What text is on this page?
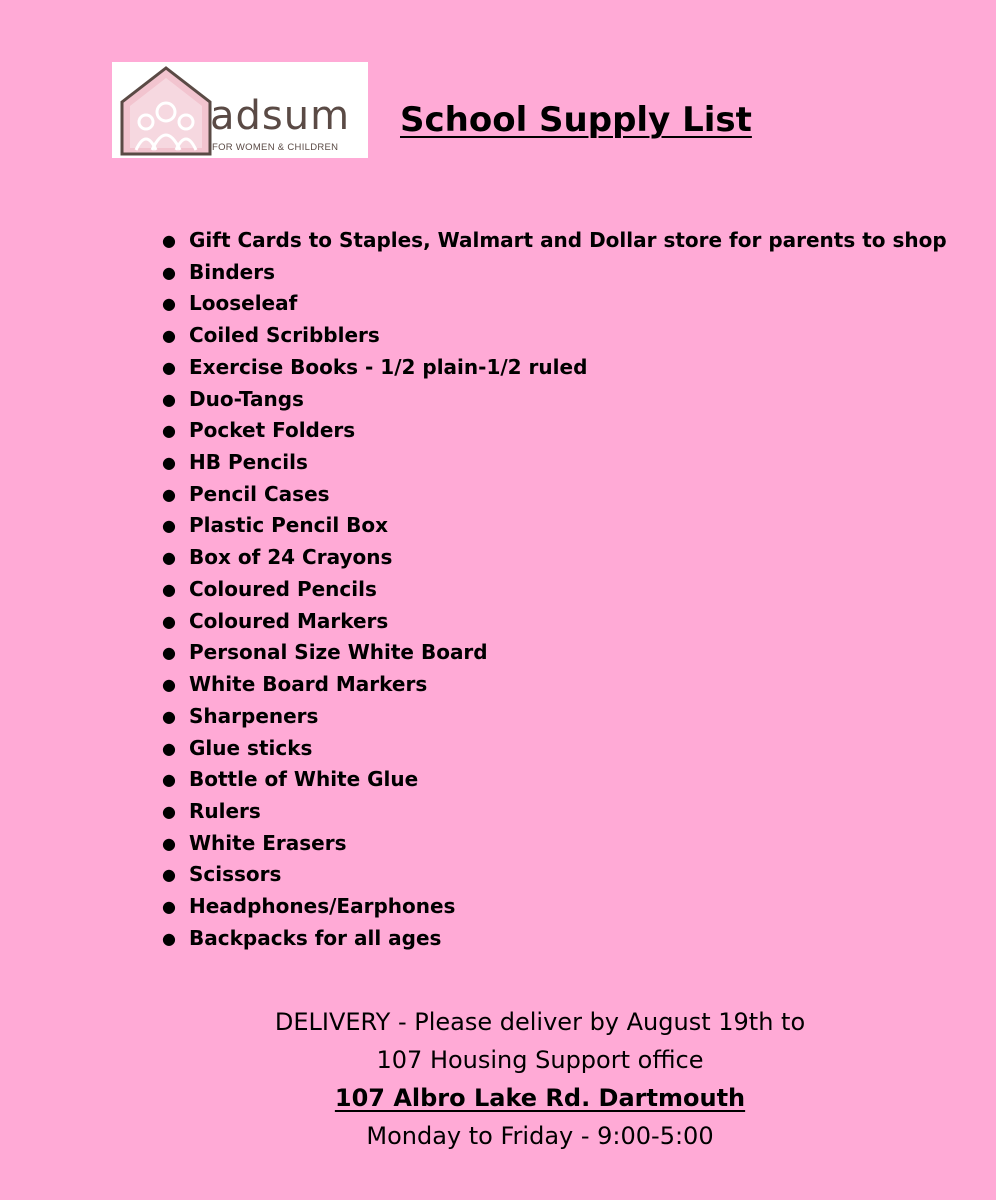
adsum
FOR WOMEN & CHILDREN
School Supply List
● Gift Cards to Staples, Walmart and Dollar store for parents to shop
● Binders
● Looseleaf
● Coiled Scribblers
● Exercise Books - 1/2 plain-1/2 ruled
● Duo-Tangs
● Pocket Folders
● HB Pencils
● Pencil Cases
● Plastic Pencil Box
● Box of 24 Crayons
● Coloured Pencils
● Coloured Markers
● Personal Size White Board
● White Board Markers
● Sharpeners
● Glue sticks
● Bottle of White Glue
● Rulers
● White Erasers
● Scissors
● Headphones/Earphones
● Backpacks for all ages
DELIVERY - Please deliver by August 19th to
107 Housing Support office
107 Albro Lake Rd. Dartmouth
Monday to Friday - 9:00-5:00
